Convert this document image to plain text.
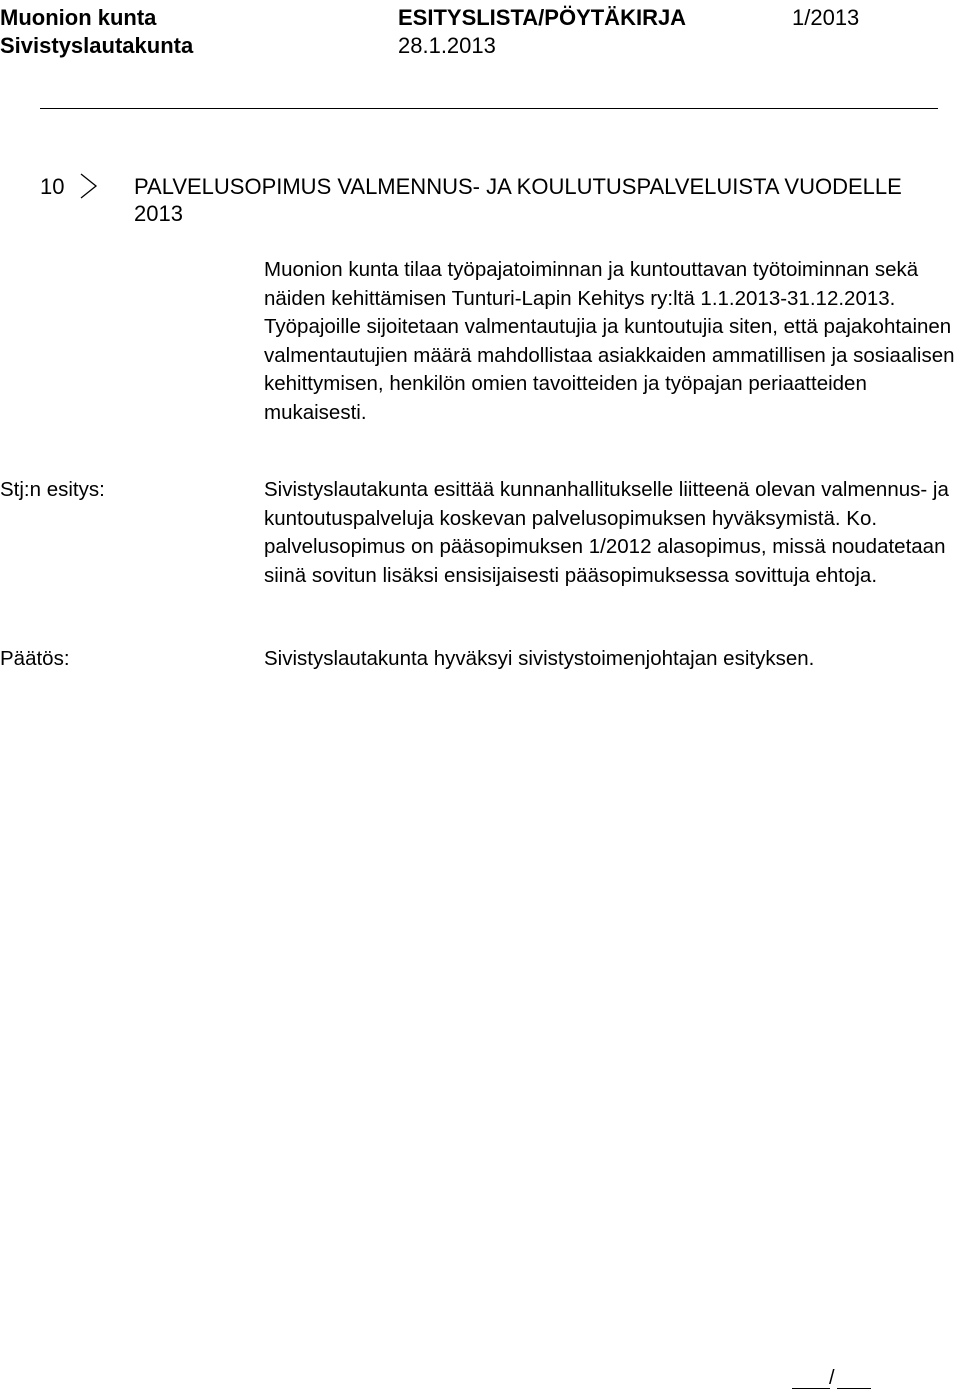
Muonion kunta	ESITYSLISTA/PÖYTÄKIRJA	1/2013
Sivistyslautakunta	28.1.2013
10	PALVELUSOPIMUS VALMENNUS- JA KOULUTUSPALVELUISTA VUODELLE 2013

Muonion kunta tilaa työpajatoiminnan ja kuntouttavan työtoiminnan sekä näiden kehittämisen Tunturi-Lapin Kehitys ry:ltä 1.1.2013-31.12.2013. Työpajoille sijoitetaan valmentautujia ja kuntoutujia siten, että pajakohtainen valmentautujien määrä mahdollistaa asiakkaiden ammatillisen ja sosiaalisen kehittymisen, henkilön omien tavoitteiden ja työpajan periaatteiden mukaisesti.

Stj:n esitys:	Sivistyslautakunta esittää kunnanhallitukselle liitteenä olevan valmennus- ja kuntoutuspalveluja koskevan palvelusopimuksen hyväksymistä. Ko. palvelusopimus on pääsopimuksen 1/2012 alasopimus, missä noudatetaan siinä sovitun lisäksi ensisijaisesti pääsopimuksessa sovittuja ehtoja.

Päätös:	Sivistyslautakunta hyväksyi sivistystoimenjohtajan esityksen.

/
